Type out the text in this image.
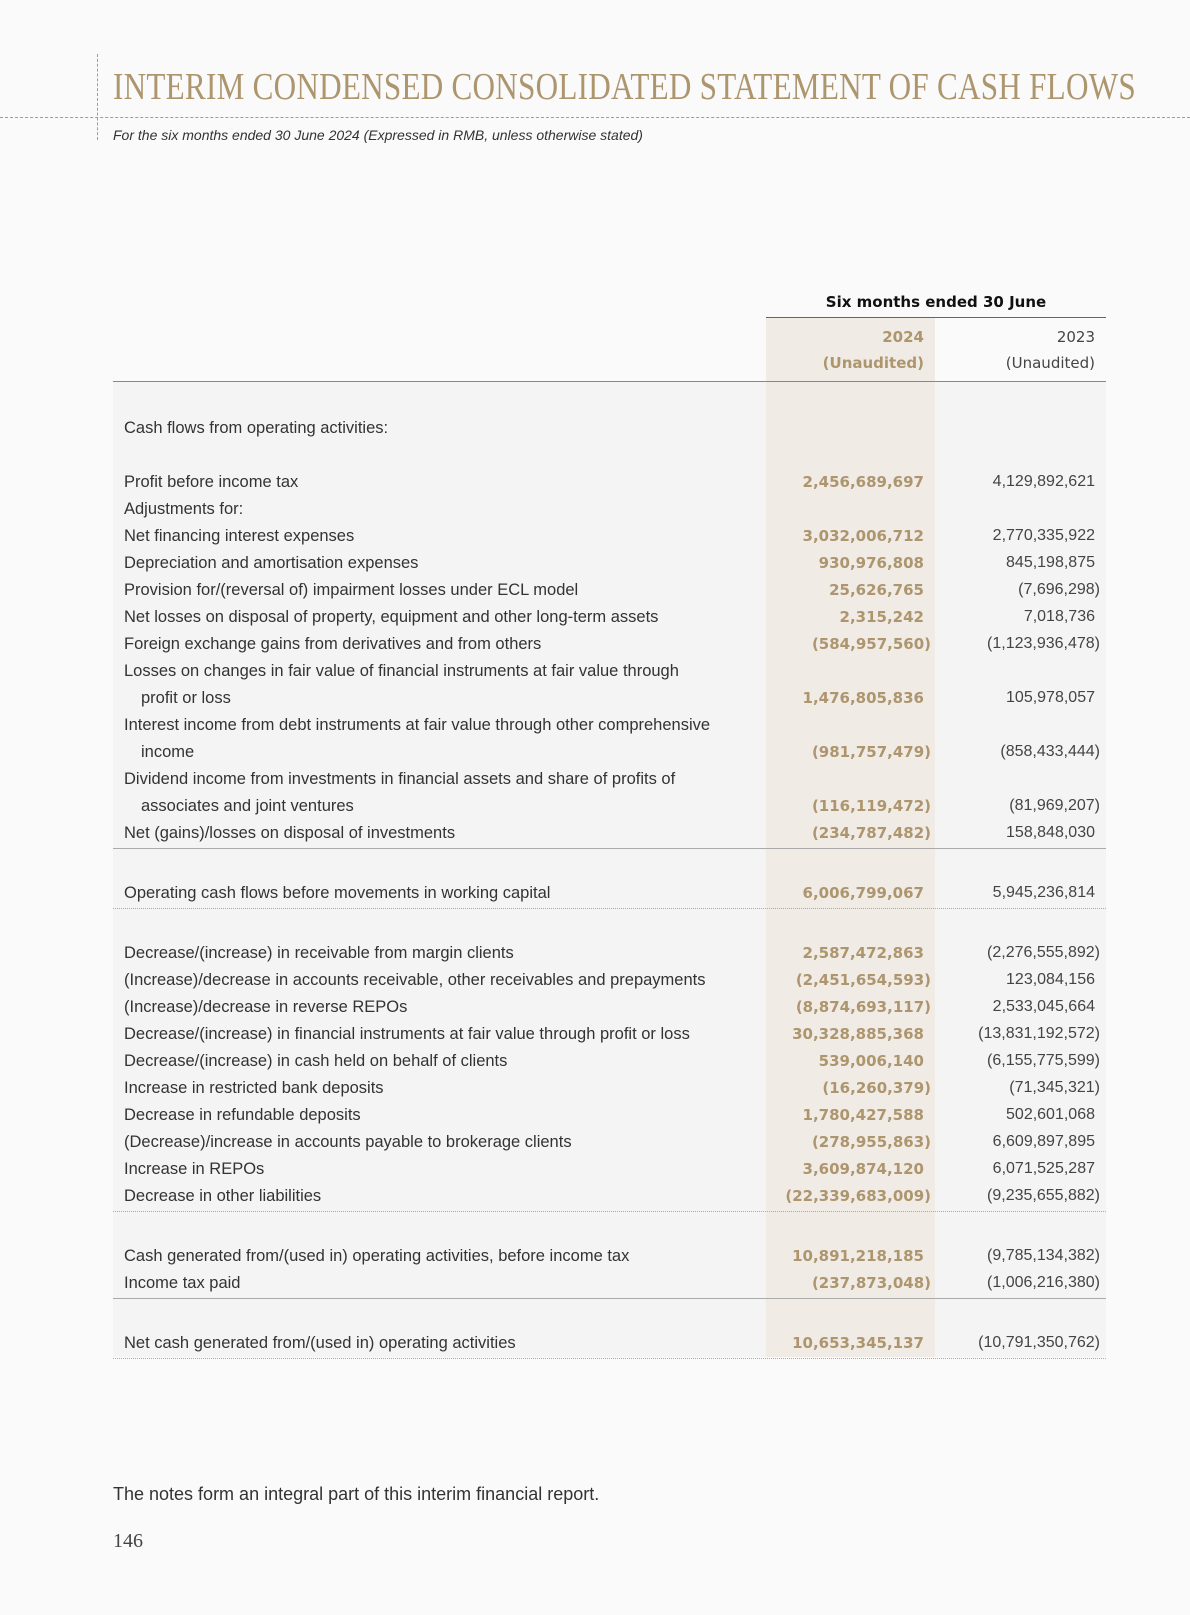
INTERIM CONDENSED CONSOLIDATED STATEMENT OF CASH FLOWS
For the six months ended 30 June 2024 (Expressed in RMB, unless otherwise stated)
Six months ended 30 June
2024
(Unaudited)
2023
(Unaudited)
Cash flows from operating activities:
Profit before income tax	2,456,689,697	4,129,892,621
Adjustments for:
Net financing interest expenses	3,032,006,712	2,770,335,922
Depreciation and amortisation expenses	930,976,808	845,198,875
Provision for/(reversal of) impairment losses under ECL model	25,626,765	(7,696,298)
Net losses on disposal of property, equipment and other long-term assets	2,315,242	7,018,736
Foreign exchange gains from derivatives and from others	(584,957,560)	(1,123,936,478)
Losses on changes in fair value of financial instruments at fair value through
profit or loss	1,476,805,836	105,978,057
Interest income from debt instruments at fair value through other comprehensive
income	(981,757,479)	(858,433,444)
Dividend income from investments in financial assets and share of profits of
associates and joint ventures	(116,119,472)	(81,969,207)
Net (gains)/losses on disposal of investments	(234,787,482)	158,848,030
Operating cash flows before movements in working capital	6,006,799,067	5,945,236,814
Decrease/(increase) in receivable from margin clients	2,587,472,863	(2,276,555,892)
(Increase)/decrease in accounts receivable, other receivables and prepayments	(2,451,654,593)	123,084,156
(Increase)/decrease in reverse REPOs	(8,874,693,117)	2,533,045,664
Decrease/(increase) in financial instruments at fair value through profit or loss	30,328,885,368	(13,831,192,572)
Decrease/(increase) in cash held on behalf of clients	539,006,140	(6,155,775,599)
Increase in restricted bank deposits	(16,260,379)	(71,345,321)
Decrease in refundable deposits	1,780,427,588	502,601,068
(Decrease)/increase in accounts payable to brokerage clients	(278,955,863)	6,609,897,895
Increase in REPOs	3,609,874,120	6,071,525,287
Decrease in other liabilities	(22,339,683,009)	(9,235,655,882)
Cash generated from/(used in) operating activities, before income tax	10,891,218,185	(9,785,134,382)
Income tax paid	(237,873,048)	(1,006,216,380)
Net cash generated from/(used in) operating activities	10,653,345,137	(10,791,350,762)
The notes form an integral part of this interim financial report.
146
